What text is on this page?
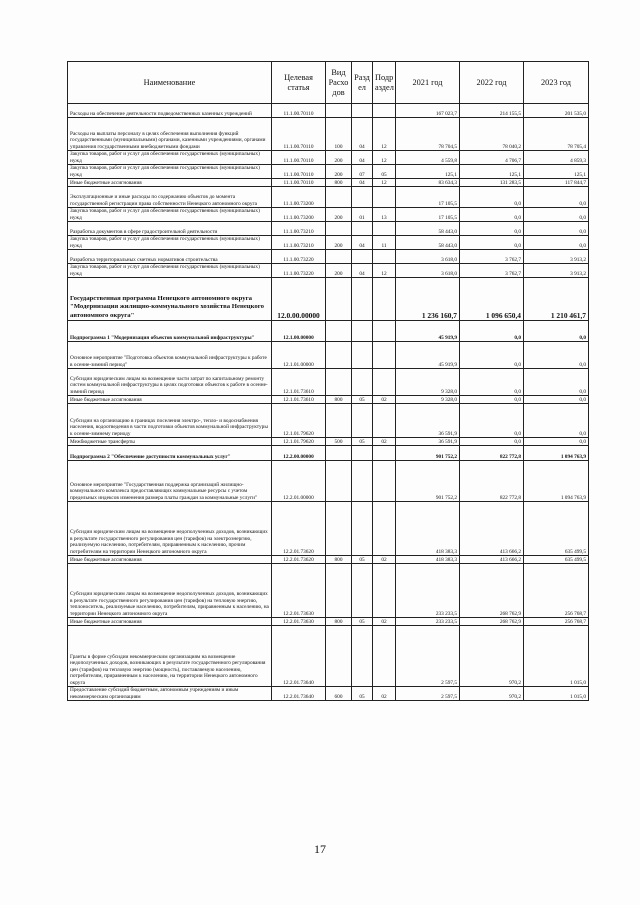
Наименование	Целевая статья	Вид Расхо дов	Разд ел	Подр аздел	2021 год	2022 год	2023 год
Расходы на обеспечение деятельности подведомственных казенных учреждений	11.1.00.70110				167 023,7	214 155,5	201 535,0
Расходы на выплаты персоналу в целях обеспечения выполнения функций государственными (муниципальными) органами, казенными учреждениями, органами управления государственными внебюджетными фондами	11.1.00.70110	100	04	12	78 704,5	78 040,2	78 705,4
Закупка товаров, работ и услуг для обеспечения государственных (муниципальных) нужд	11.1.00.70110	200	04	12	4 559,8	4 706,7	4 859,3
Закупка товаров, работ и услуг для обеспечения государственных (муниципальных) нужд	11.1.00.70110	200	07	05	125,1	125,1	125,1
Иные бюджетные ассигнования	11.1.00.70110	800	04	12	83 634,3	131 283,5	117 844,7
Эксплуатационные и иные расходы по содержанию объектов до момента государственной регистрации права собственности Ненецкого автономного округа	11.1.00.73200				17 105,5	0,0	0,0
Закупка товаров, работ и услуг для обеспечения государственных (муниципальных) нужд	11.1.00.73200	200	01	13	17 105,5	0,0	0,0
Разработка документов в сфере градостроительной деятельности	11.1.00.73210				58 443,0	0,0	0,0
Закупка товаров, работ и услуг для обеспечения государственных (муниципальных) нужд	11.1.00.73210	200	04	11	58 443,0	0,0	0,0
Разработка территориальных сметных нормативов строительства	11.1.00.73220				3 618,0	3 762,7	3 913,2
Закупка товаров, работ и услуг для обеспечения государственных (муниципальных) нужд	11.1.00.73220	200	04	12	3 618,0	3 762,7	3 913,2
Государственная программа Ненецкого автономного округа "Модернизация жилищно-коммунального хозяйства Ненецкого автономного округа"	12.0.00.00000				1 236 160,7	1 096 650,4	1 210 461,7
Подпрограмма 1 "Модернизация объектов коммунальной инфраструктуры"	12.1.00.00000				45 919,9	0,0	0,0
Основное мероприятие "Подготовка объектов коммунальной инфраструктуры к работе в осенне-зимний период"	12.1.01.00000				45 919,9	0,0	0,0
Субсидии юридическим лицам на возмещение части затрат по капитальному ремонту систем коммунальной инфраструктуры в целях подготовки объектов к работе в осенне-зимний период	12.1.01.73610				9 328,0	0,0	0,0
Иные бюджетные ассигнования	12.1.01.73610	800	05	02	9 328,0	0,0	0,0
Субсидии на организацию в границах поселения электро-, тепло- и водоснабжения населения, водоотведения в части подготовки объектов коммунальной инфраструктуры к осенне-зимнему периоду	12.1.01.79620				36 591,9	0,0	0,0
Межбюджетные трансферты	12.1.01.79620	500	05	02	36 591,9	0,0	0,0
Подпрограмма 2 "Обеспечение доступности коммунальных услуг"	12.2.00.00000				901 752,2	822 772,8	1 094 763,9
Основное мероприятие "Государственная поддержка организаций жилищно-коммунального комплекса предоставляющих коммунальные ресурсы с учетом предельных индексов изменения размера платы граждан за коммунальные услуги"	12.2.01.00000				901 752,2	822 772,8	1 094 763,9
Субсидии юридическим лицам на возмещение недополученных доходов, возникающих в результате государственного регулирования цен (тарифов) на электроэнергию, реализуемую населению, потребителям, приравненным к населению, прочим потребителям на территории Ненецкого автономного округа	12.2.01.73620				418 383,3	413 666,2	635 499,5
Иные бюджетные ассигнования	12.2.01.73620	800	05	02	418 383,3	413 666,2	635 499,5
Субсидии юридическим лицам на возмещение недополученных доходов, возникающих в результате государственного регулирования цен (тарифов) на тепловую энергию, теплоноситель, реализуемые населению, потребителям, приравненным к населению, на территории Ненецкого автономного округа	12.2.01.73630				233 233,5	268 762,9	256 768,7
Иные бюджетные ассигнования	12.2.01.73630	800	05	02	233 233,5	268 762,9	256 768,7
Гранты в форме субсидии некоммерческим организациям на возмещение недополученных доходов, возникающих в результате государственного регулирования цен (тарифов) на тепловую энергию (мощность), поставляемую населению, потребителям, приравненным к населению, на территории Ненецкого автономного округа	12.2.01.73640				2 597,5	970,2	1 015,0
Предоставление субсидий бюджетным, автономным учреждениям и иным некоммерческим организациям	12.2.01.73640	600	05	02	2 597,5	970,2	1 015,0
17
